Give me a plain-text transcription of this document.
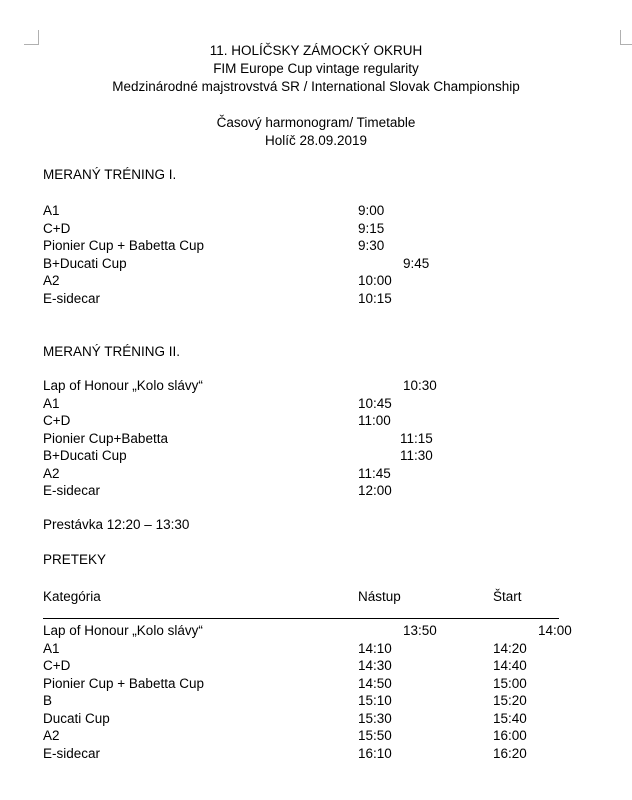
11. HOLÍČSKY ZÁMOCKÝ OKRUH
FIM Europe Cup vintage regularity
Medzinárodné majstrovstvá SR / International Slovak Championship
Časový harmonogram/ Timetable
Holíč 28.09.2019
MERANÝ TRÉNING I.
A1	9:00
C+D	9:15
Pionier Cup + Babetta Cup	9:30
B+Ducati Cup	9:45
A2	10:00
E-sidecar	10:15
MERANÝ TRÉNING II.
Lap of Honour „Kolo slávy“	10:30
A1	10:45
C+D	11:00
Pionier Cup+Babetta	11:15
B+Ducati Cup	11:30
A2	11:45
E-sidecar	12:00
Prestávka 12:20 – 13:30
PRETEKY
Kategória	Nástup	Štart
Lap of Honour „Kolo slávy“	13:50	14:00
A1	14:10	14:20
C+D	14:30	14:40
Pionier Cup + Babetta Cup	14:50	15:00
B	15:10	15:20
Ducati Cup	15:30	15:40
A2	15:50	16:00
E-sidecar	16:10	16:20
